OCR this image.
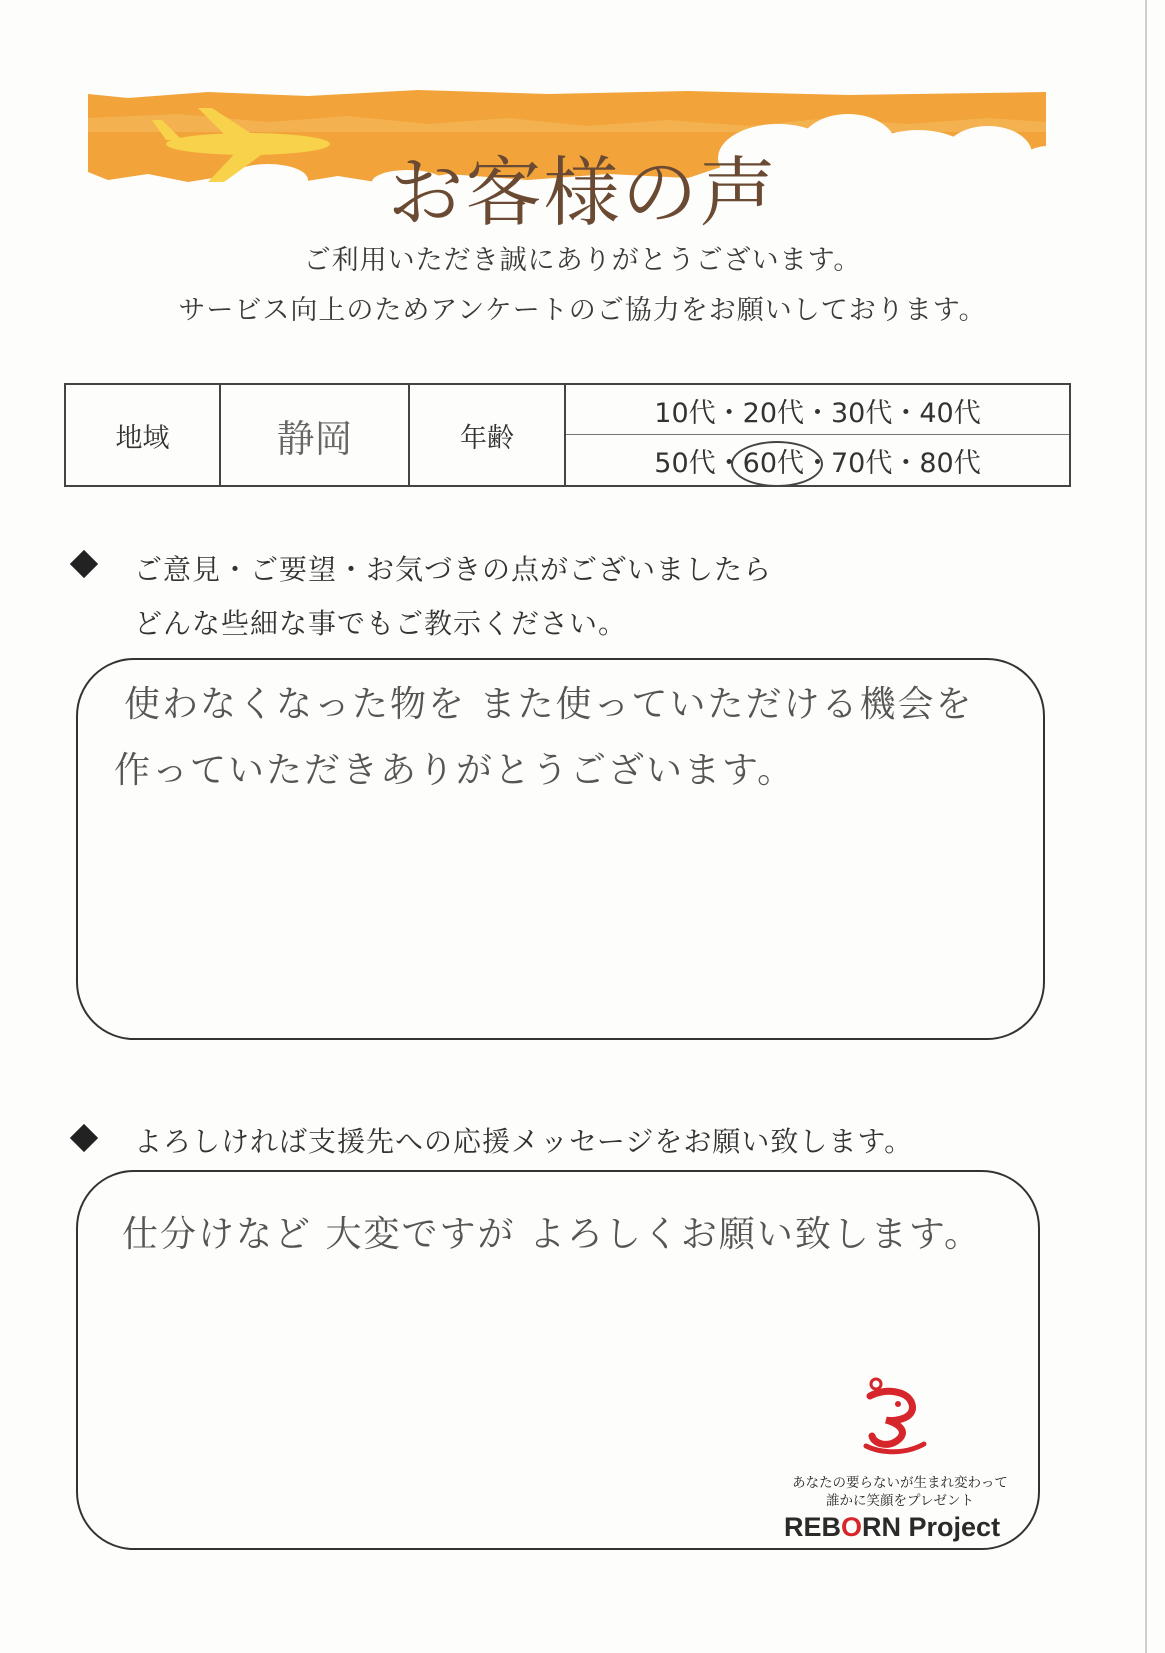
お客様の声
ご利用いただき誠にありがとうございます。
サービス向上のためアンケートのご協力をお願いしております。
地域	静岡	年齢
10代・20代・30代・40代
50代・60代・70代・80代
ご意見・ご要望・お気づきの点がございましたら
どんな些細な事でもご教示ください。
使わなくなった物を また使っていただける機会を
作っていただきありがとうございます。
よろしければ支援先への応援メッセージをお願い致します。
仕分けなど 大変ですが よろしくお願い致します。
あなたの要らないが生まれ変わって
誰かに笑顔をプレゼント
REBORN Project
